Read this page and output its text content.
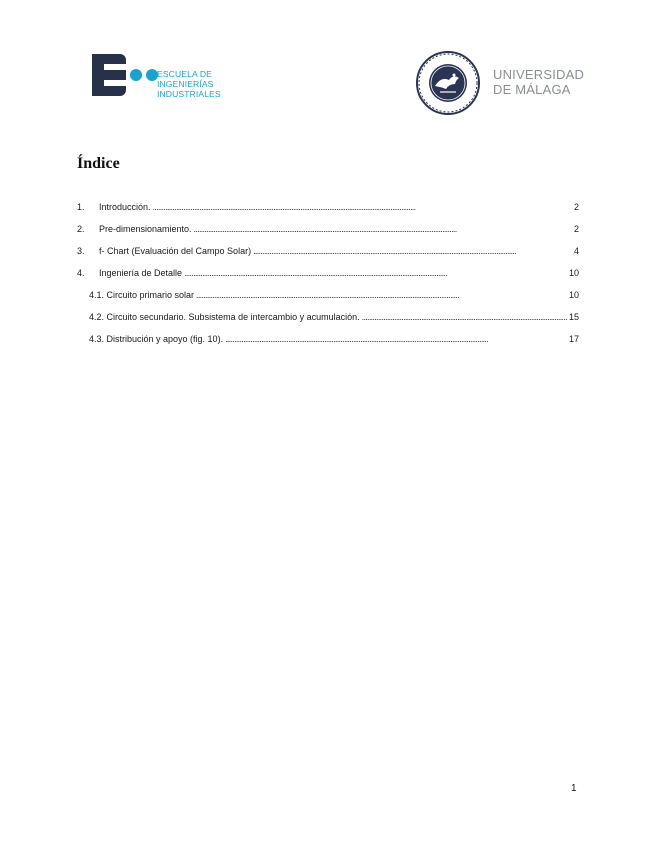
ESCUELA DE
INGENIERÍAS
INDUSTRIALES
UNIVERSIDAD
DE MÁLAGA
Índice
1.	Introducción. . . .	2
2.	Pre-dimensionamiento. . . .	2
3.	f- Chart (Evaluación del Campo Solar) . . .	4
4.	Ingeniería de Detalle . . .	10
4.1. Circuito primario solar . . .	10
4.2. Circuito secundario. Subsistema de intercambio y acumulación. . . .	15
4.3. Distribución y apoyo (fig. 10). . . .	17
1
